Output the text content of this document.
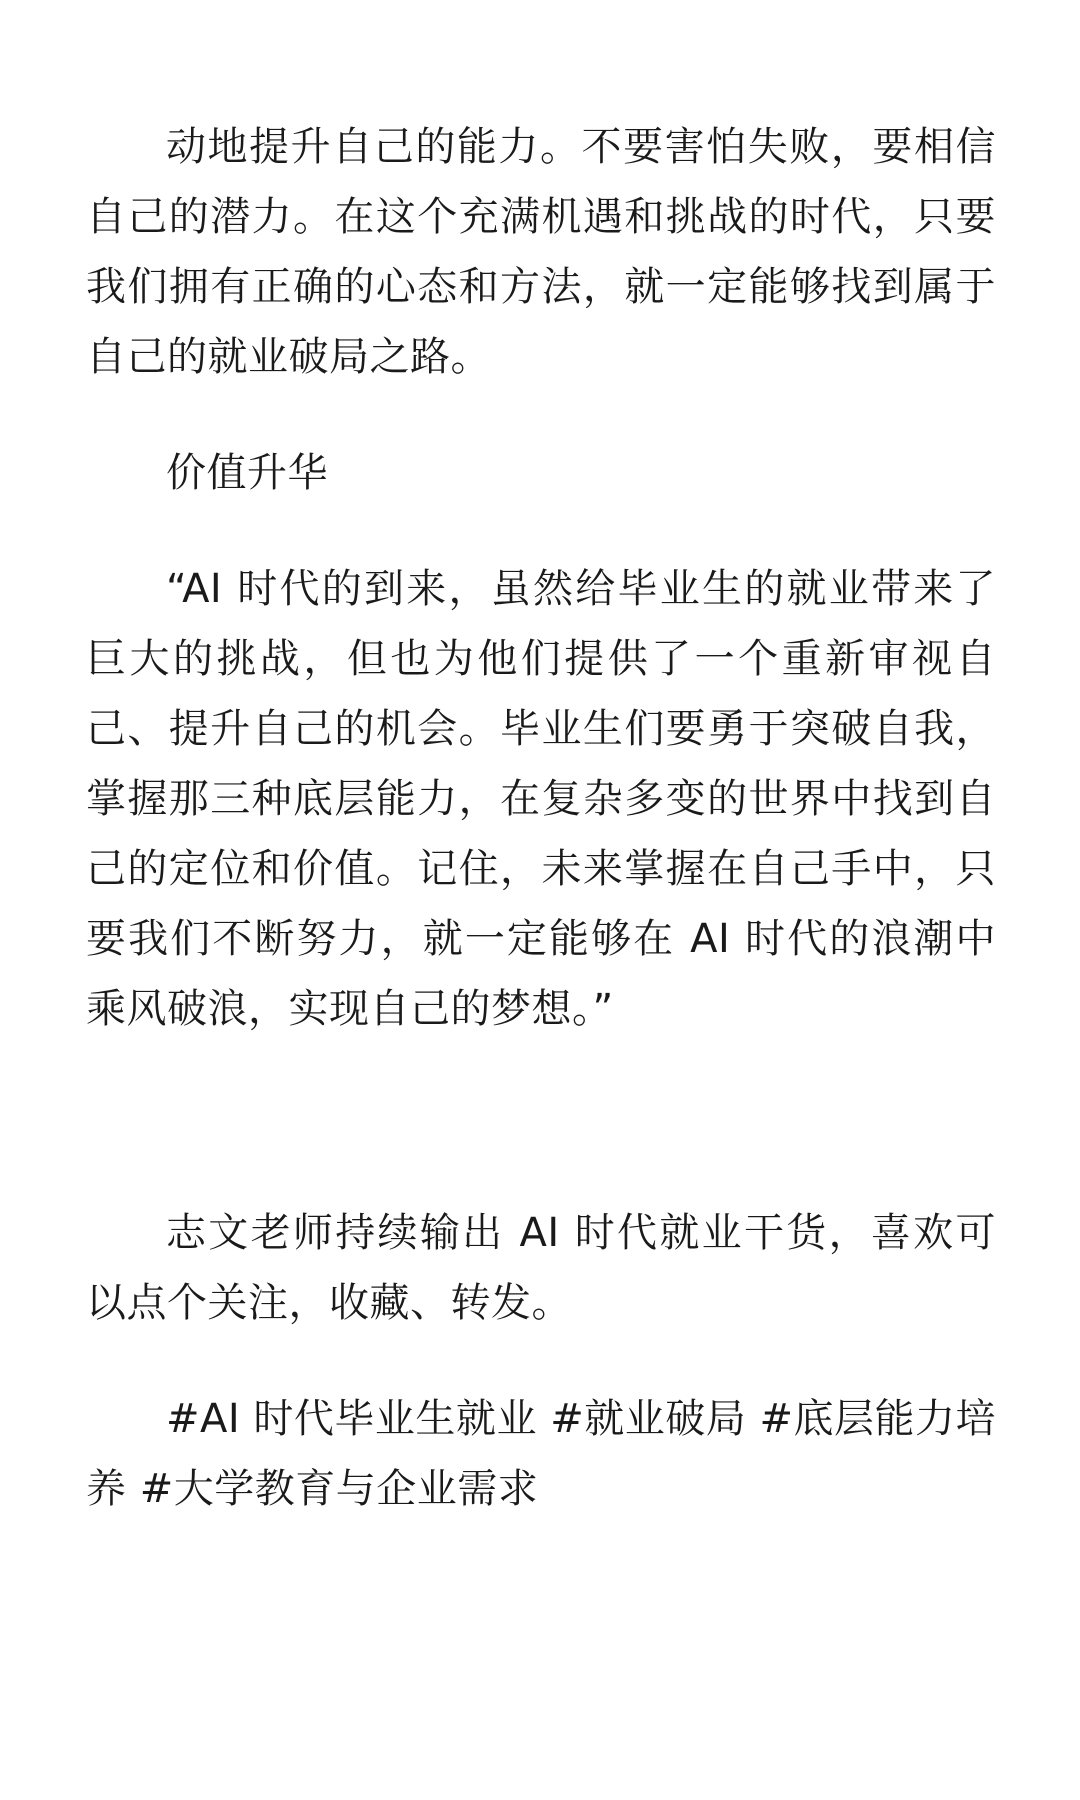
动地提升自己的能力。不要害怕失败，要相信自己的潜力。在这个充满机遇和挑战的时代，只要我们拥有正确的心态和方法，就一定能够找到属于自己的就业破局之路。

价值升华

“AI 时代的到来，虽然给毕业生的就业带来了巨大的挑战，但也为他们提供了一个重新审视自己、提升自己的机会。毕业生们要勇于突破自我，掌握那三种底层能力，在复杂多变的世界中找到自己的定位和价值。记住，未来掌握在自己手中，只要我们不断努力，就一定能够在 AI 时代的浪潮中乘风破浪，实现自己的梦想。”

志文老师持续输出 AI 时代就业干货，喜欢可以点个关注，收藏、转发。

#AI 时代毕业生就业 #就业破局 #底层能力培养 #大学教育与企业需求
